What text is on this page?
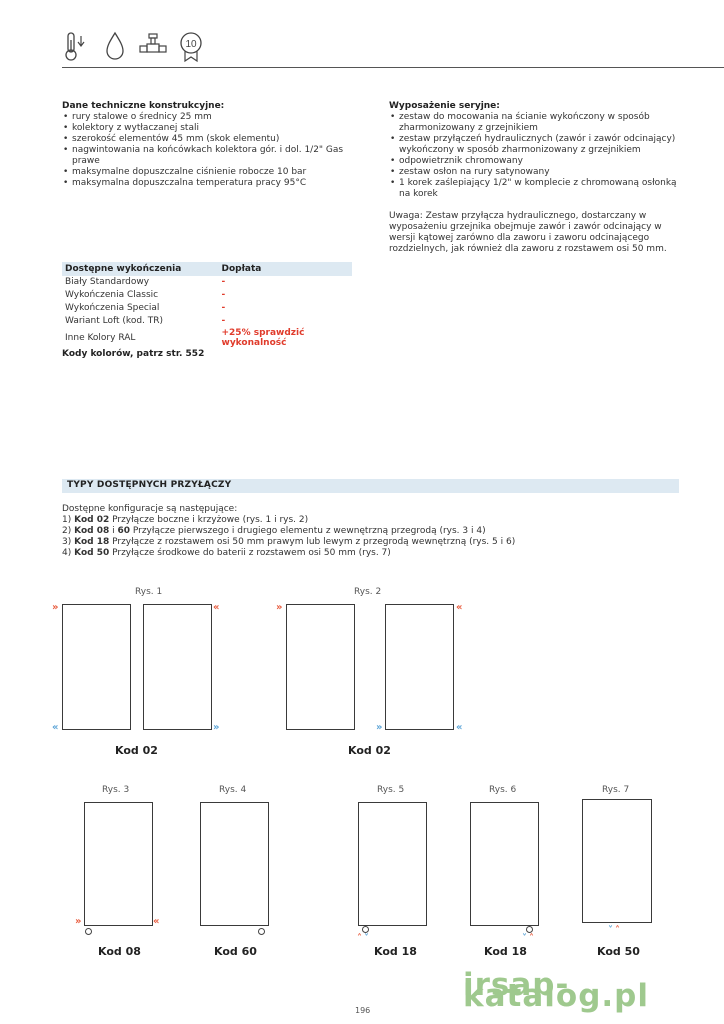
10
Dane techniczne konstrukcyjne:
• rury stalowe o średnicy 25 mm
• kolektory z wytłaczanej stali
• szerokość elementów 45 mm (skok elementu)
• nagwintowania na końcówkach kolektora gór. i dol. 1/2" Gas prawe
• maksymalne dopuszczalne ciśnienie robocze 10 bar
• maksymalna dopuszczalna temperatura pracy 95°C
Wyposażenie seryjne:
• zestaw do mocowania na ścianie wykończony w sposób zharmonizowany z grzejnikiem
• zestaw przyłączeń hydraulicznych (zawór i zawór odcinający) wykończony w sposób zharmonizowany z grzejnikiem
• odpowietrznik chromowany
• zestaw osłon na rury satynowany
• 1 korek zaślepiający 1/2" w komplecie z chromowaną osłonką na korek
Uwaga: Zestaw przyłącza hydraulicznego, dostarczany w wyposażeniu grzejnika obejmuje zawór i zawór odcinający w wersji kątowej zarówno dla zaworu i zaworu odcinającego rozdzielnych, jak również dla zaworu z rozstawem osi 50 mm.
Dostępne wykończenia	Dopłata
Biały Standardowy	-
Wykończenia Classic	-
Wykończenia Special	-
Wariant Loft (kod. TR)	-
Inne Kolory RAL	+25% sprawdzić wykonalność
Kody kolorów, patrz str. 552
TYPY DOSTĘPNYCH PRZYŁĄCZY
Dostępne konfiguracje są następujące:
1) Kod 02 Przyłącze boczne i krzyżowe (rys. 1 i rys. 2)
2) Kod 08 i 60 Przyłącze pierwszego i drugiego elementu z wewnętrzną przegrodą (rys. 3 i 4)
3) Kod 18 Przyłącze z rozstawem osi 50 mm prawym lub lewym z przegrodą wewnętrzną (rys. 5 i 6)
4) Kod 50 Przyłącze środkowe do baterii z rozstawem osi 50 mm (rys. 7)
Rys. 1
»	«
«	»
Kod 02
Rys. 2
»	«
«
»
Kod 02
Rys. 3
»
Kod 08
Rys. 4
«
Kod 60
Rys. 5
˄ ˅
Kod 18
Rys. 6
˅ ˄
Kod 18
Rys. 7
˅ ˄
Kod 50
irsap-katalog.pl
196
